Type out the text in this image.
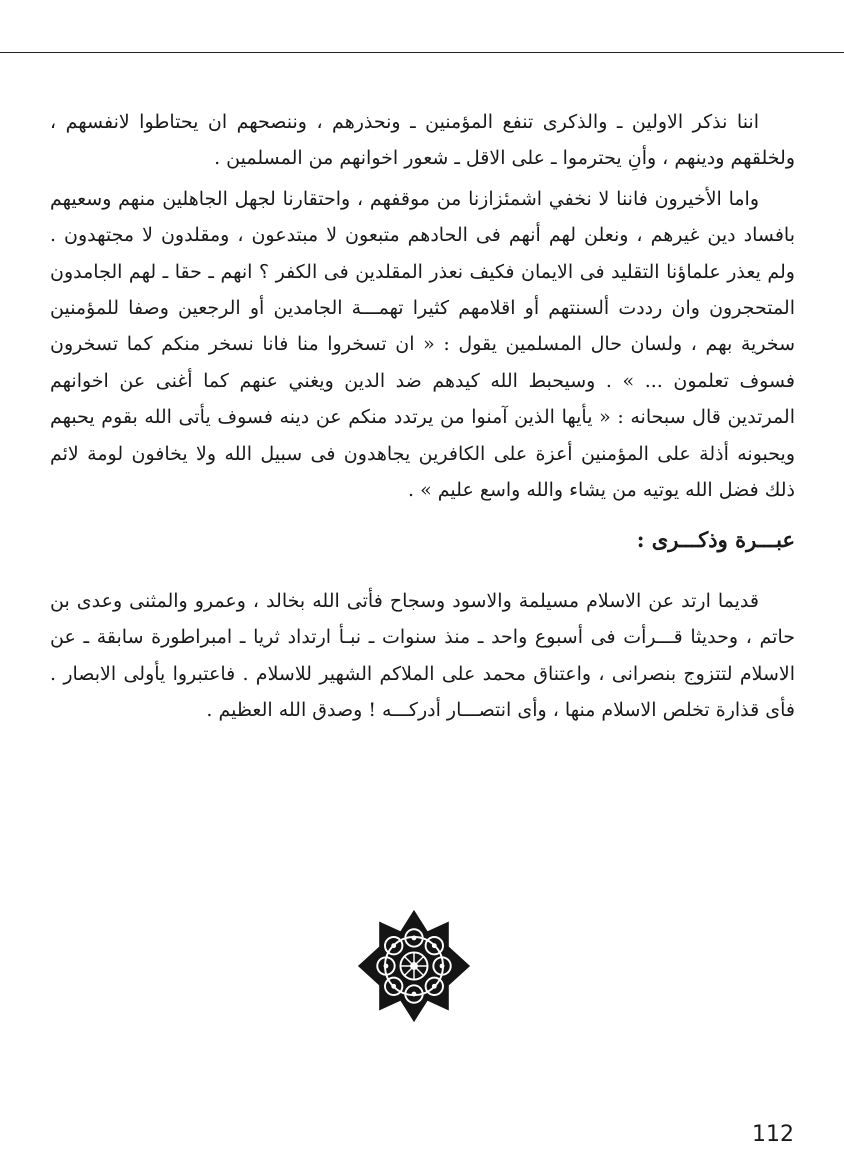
اننا نذكر الاولين ـ والذكرى تنفع المؤمنين ـ ونحذرهم ، وننصحهم ان يحتاطوا لانفسهم ، ولخلقهم ودينهم ، وأنِ يحترموا ـ على الاقل ـ شعور اخوانهم من المسلمين .

واما الأخيرون فاننا لا نخفي اشمئزازنا من موقفهم ، واحتقارنا لجهل الجاهلين منهم وسعيهم بافساد دين غيرهم ، ونعلن لهم أنهم فى الحادهم متبعون لا مبتدعون ، ومقلدون لا مجتهدون . ولم يعذر علماؤنا التقليد فى الايمان فكيف نعذر المقلدين فى الكفر ؟ انهم ـ حقا ـ لهم الجامدون المتحجرون وان رددت ألسنتهم أو اقلامهم كثيرا تهمـــة الجامدين أو الرجعين وصفا للمؤمنين سخرية بهم ، ولسان حال المسلمين يقول : « ان تسخروا منا فانا نسخر منكم كما تسخرون فسوف تعلمون ... » . وسيحبط الله كيدهم ضد الدين ويغني عنهم كما أغنى عن اخوانهم المرتدين قال سبحانه : « يأيها الذين آمنوا من يرتدد منكم عن دينه فسوف يأتى الله بقوم يحبهم ويحبونه أذلة على المؤمنين أعزة على الكافرين يجاهدون فى سبيل الله ولا يخافون لومة لائم ذلك فضل الله يوتيه من يشاء والله واسع عليم » .

عبـــرة وذكـــرى :

قديما ارتد عن الاسلام مسيلمة والاسود وسجاح فأتى الله بخالد ، وعمرو والمثنى وعدى بن حاتم ، وحديثا قـــرأت فى أسبوع واحد ـ منذ سنوات ـ نبـأ ارتداد ثريا ـ امبراطورة سابقة ـ عن الاسلام لتتزوج بنصرانى ، واعتناق محمد على الملاكم الشهير للاسلام . فاعتبروا يأولى الابصار . فأى قذارة تخلص الاسلام منها ، وأى انتصـــار أدركـــه ! وصدق الله العظيم .

112
